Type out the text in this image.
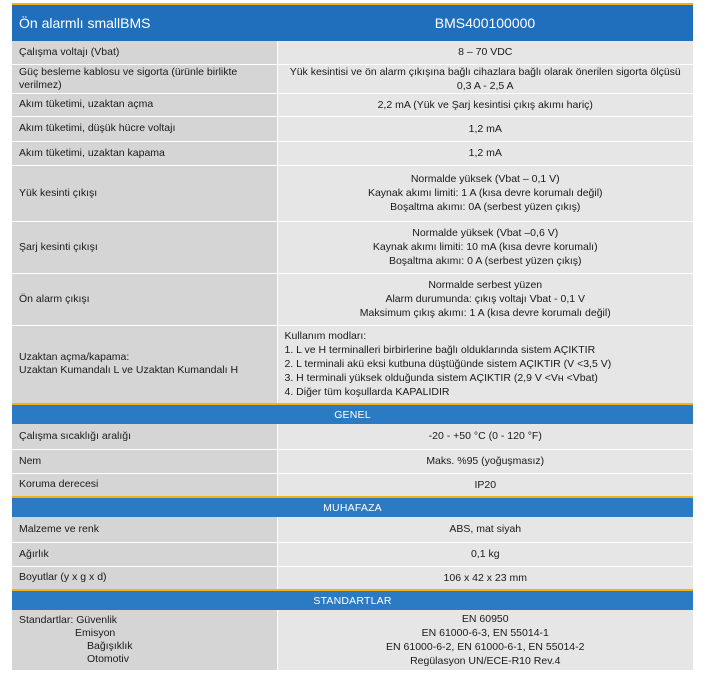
Ön alarmlı smallBMS	BMS400100000
Çalışma voltajı (Vbat)	8 – 70 VDC

Güç besleme kablosu ve sigorta (ürünle birlikte verilmez)	Yük kesintisi ve ön alarm çıkışına bağlı cihazlara bağlı olarak önerilen sigorta ölçüsü
0,3 A - 2,5 A

Akım tüketimi, uzaktan açma	2,2 mA (Yük ve Şarj kesintisi çıkış akımı hariç)

Akım tüketimi, düşük hücre voltajı	1,2 mA

Akım tüketimi, uzaktan kapama	1,2 mA

Yük kesinti çıkışı	Normalde yüksek (Vbat – 0,1 V)
Kaynak akımı limiti: 1 A (kısa devre korumalı değil)
Boşaltma akımı: 0A (serbest yüzen çıkış)

Şarj kesinti çıkışı	Normalde yüksek (Vbat –0,6 V)
Kaynak akımı limiti: 10 mA (kısa devre korumalı)
Boşaltma akımı: 0 A (serbest yüzen çıkış)

Ön alarm çıkışı	Normalde serbest yüzen
Alarm durumunda: çıkış voltajı Vbat - 0,1 V
Maksimum çıkış akımı: 1 A (kısa devre korumalı değil)

Uzaktan açma/kapama:
Uzaktan Kumandalı L ve Uzaktan Kumandalı H	Kullanım modları:
1. L ve H terminalleri birbirlerine bağlı olduklarında sistem AÇIKTIR
2. L terminali akü eksi kutbuna düştüğünde sistem AÇIKTIR (V <3,5 V)
3. H terminali yüksek olduğunda sistem AÇIKTIR (2,9 V <Vʜ <Vbat)
4. Diğer tüm koşullarda KAPALIDIR

GENEL	
Çalışma sıcaklığı aralığı	-20 - +50 °C (0 - 120 °F)
Nem	Maks. %95 (yoğuşmasız)
Koruma derecesi	IP20
MUHAFAZA	
Malzeme ve renk	ABS, mat siyah
Ağırlık	0,1 kg
Boyutlar (y x g x d)	106 x 42 x 23 mm
STANDARTLAR	

Standartlar: Güvenlik
Emisyon
Bağışıklık
Otomotiv	EN 60950
EN 61000-6-3, EN 55014-1
EN 61000-6-2, EN 61000-6-1, EN 55014-2
Regülasyon UN/ECE-R10 Rev.4
